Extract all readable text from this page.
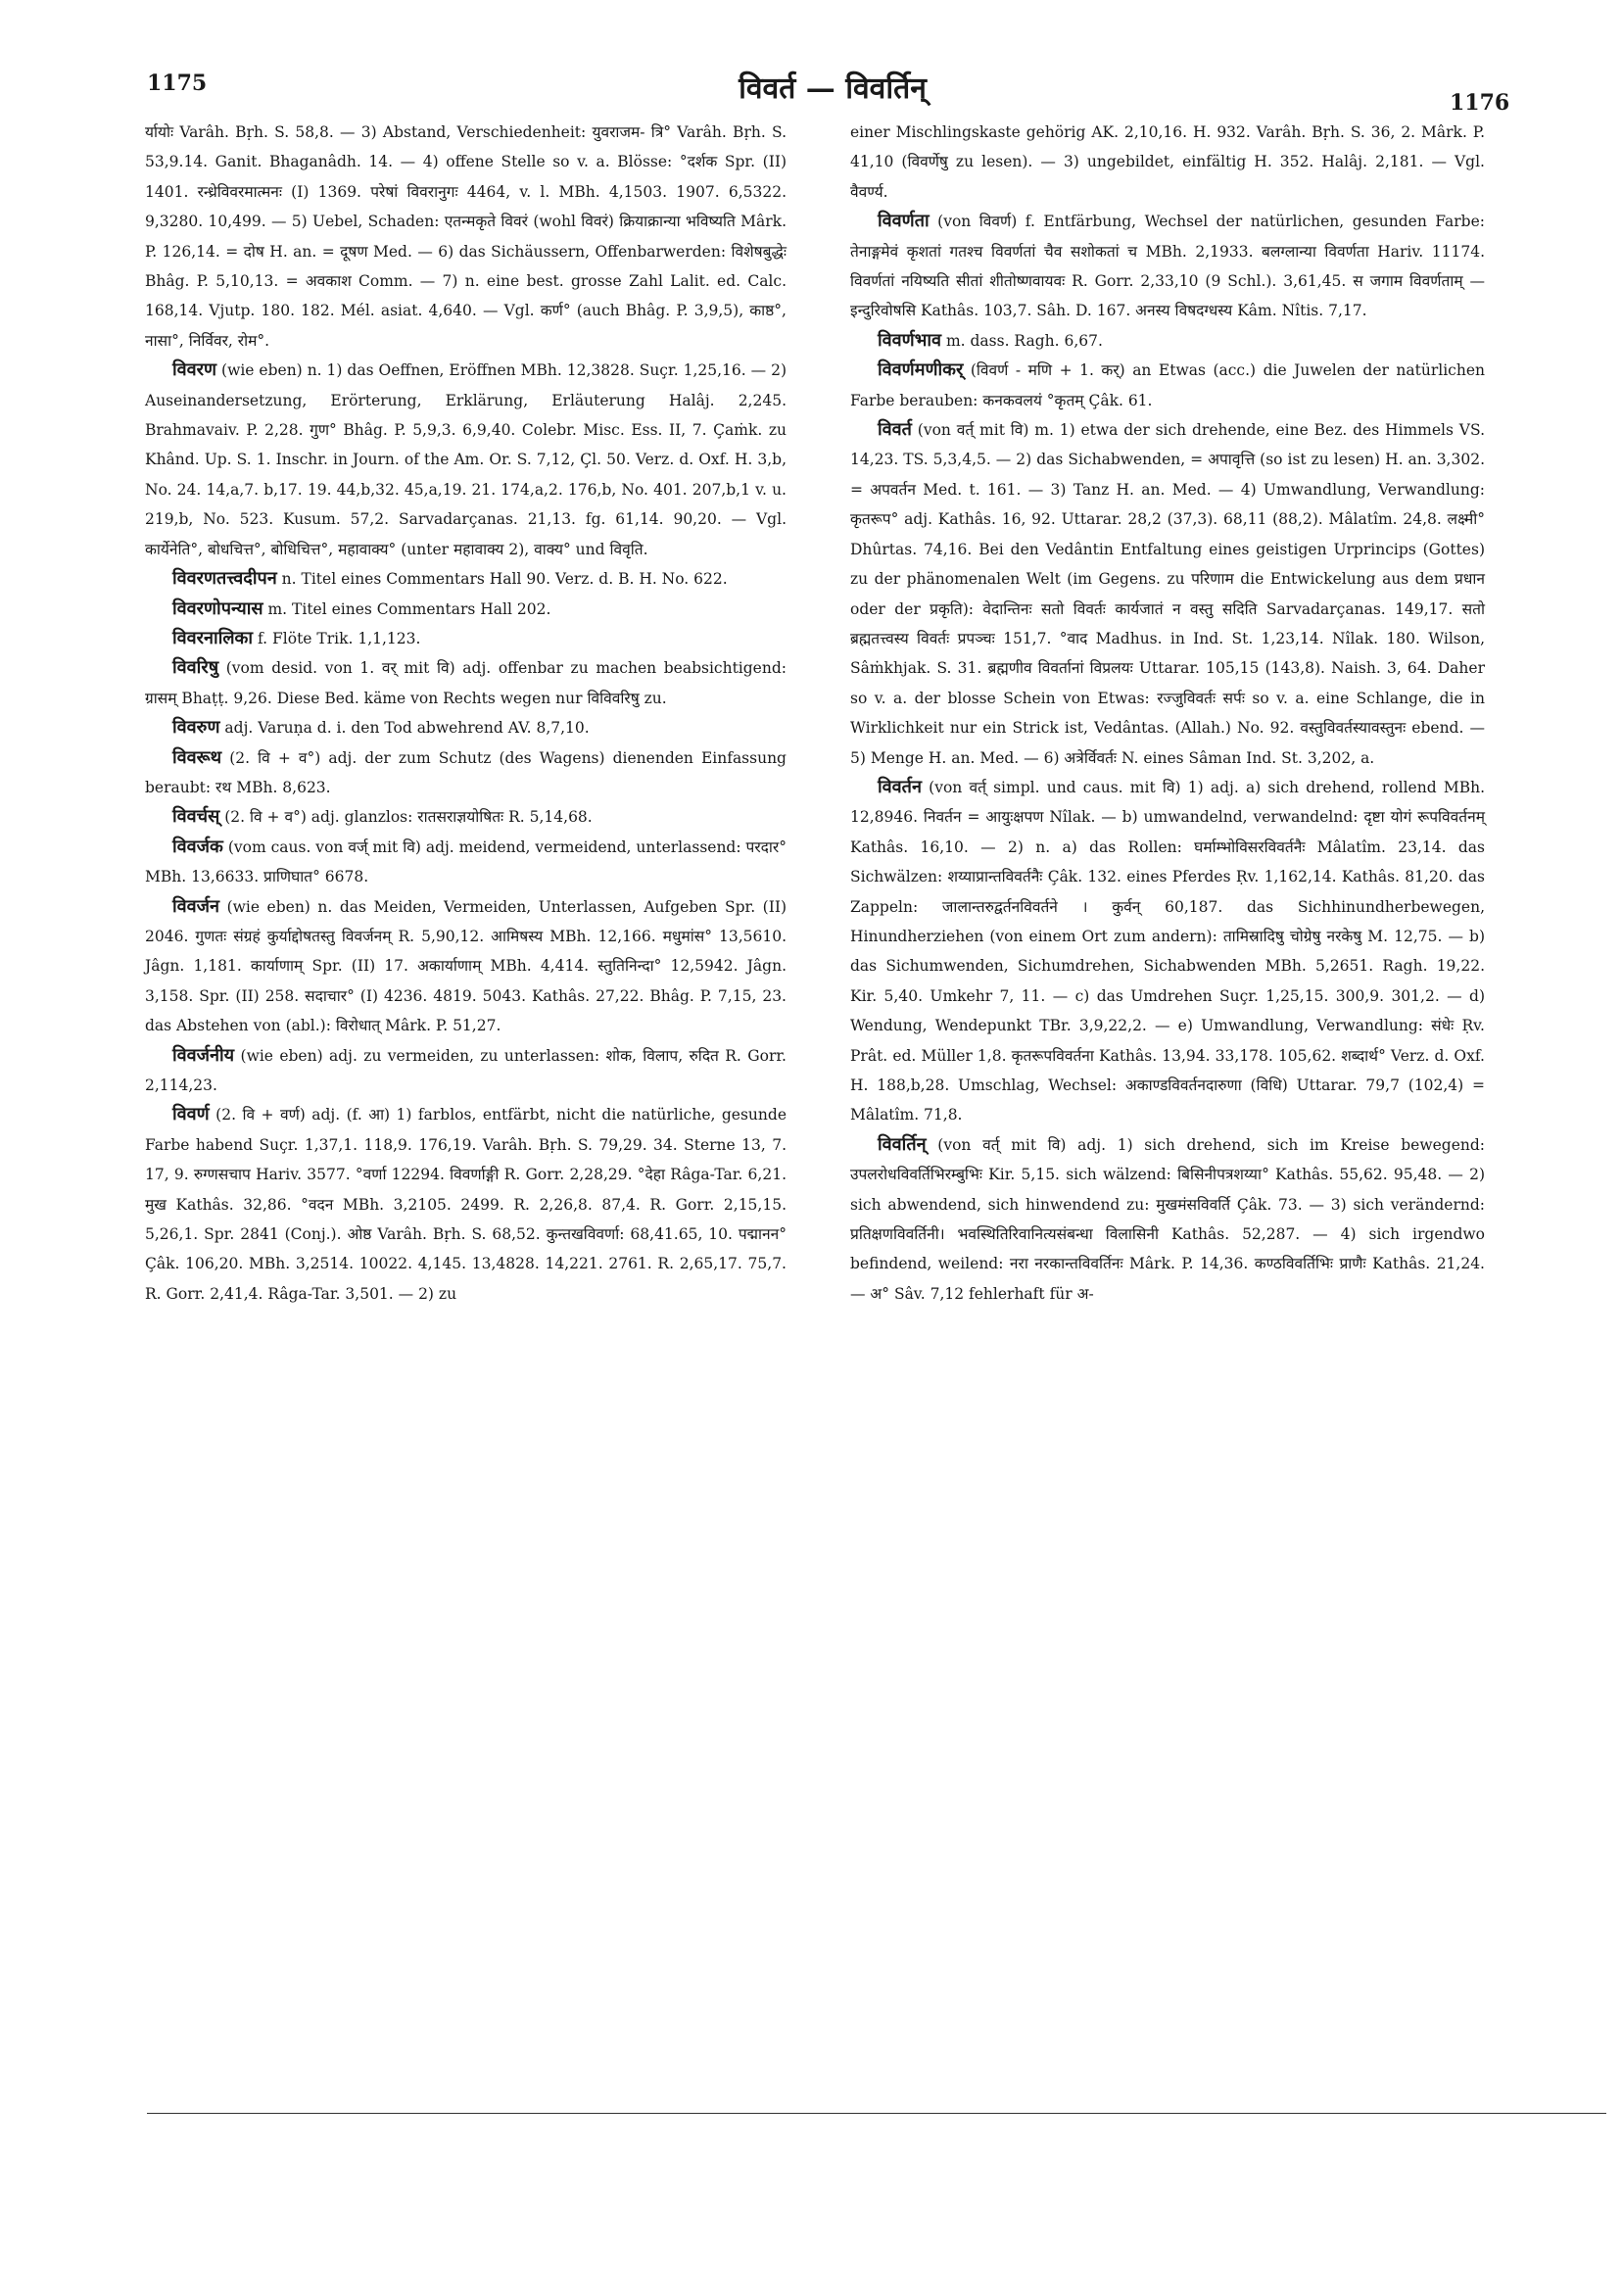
1175	विवर्त — विवर्तिन्	1176

र्यायोः Varâh. Bṛh. S. 58,8. — 3) Abstand, Verschiedenheit: युवराजम- त्रि° Varâh. Bṛh. S. 53,9.14. Ganit. Bhaganâdh. 14. — 4) offene Stelle so v. a. Blösse: °दर्शक Spr. (II) 1401. रन्ध्रेविवरमात्मनः (I) 1369. परेषां विवरानुगः 4464, v. l. MBh. 4,1503. 1907. 6,5322. 9,3280. 10,499. — 5) Uebel, Schaden: एतन्मकृते विवरं (wohl विवरं) क्रियाक्रान्या भविष्यति Mârk. P. 126,14. = दोष H. an. = दूषण Med. — 6) das Sichäussern, Offenbarwerden: विशेषबुद्धेः Bhâg. P. 5,10,13. = अवकाश Comm. — 7) n. eine best. grosse Zahl Lalit. ed. Calc. 168,14. Vjutp. 180. 182. Mél. asiat. 4,640. — Vgl. कर्ण° (auch Bhâg. P. 3,9,5), काष्ठ°, नासा°, निर्विवर, रोम°.

विवरण (wie eben) n. 1) das Oeffnen, Eröffnen MBh. 12,3828. Suçr. 1,25,16. — 2) Auseinandersetzung, Erörterung, Erklärung, Erläuterung Halâj. 2,245. Brahmavaiv. P. 2,28. गुण° Bhâg. P. 5,9,3. 6,9,40. Colebr. Misc. Ess. II, 7. Çaṁk. zu Khând. Up. S. 1. Inschr. in Journ. of the Am. Or. S. 7,12, Çl. 50. Verz. d. Oxf. H. 3,b, No. 24. 14,a,7. b,17. 19. 44,b,32. 45,a,19. 21. 174,a,2. 176,b, No. 401. 207,b,1 v. u. 219,b, No. 523. Kusum. 57,2. Sarvadarçanas. 21,13. fg. 61,14. 90,20. — Vgl. कार्येनेति°, बोधचित्त°, बोधिचित्त°, महावाक्य° (unter महावाक्य 2), वाक्य° und विवृति.

विवरणतत्त्वदीपन n. Titel eines Commentars Hall 90. Verz. d. B. H. No. 622.

विवरणोपन्यास m. Titel eines Commentars Hall 202.

विवरनालिका f. Flöte Trik. 1,1,123.

विवरिषु (vom desid. von 1. वर् mit वि) adj. offenbar zu machen beabsichtigend: ग्रासम् Bhaṭṭ. 9,26. Diese Bed. käme von Rechts wegen nur विविवरिषु zu.

विवरुण adj. Varuṇa d. i. den Tod abwehrend AV. 8,7,10.

विवरूथ (2. वि + व°) adj. der zum Schutz (des Wagens) dienenden Einfassung beraubt: रथ MBh. 8,623.

विवर्चस् (2. वि + व°) adj. glanzlos: रातसराज्ञयोषितः R. 5,14,68.

विवर्जक (vom caus. von वर्ज् mit वि) adj. meidend, vermeidend, unterlassend: परदार° MBh. 13,6633. प्राणिघात° 6678.

विवर्जन (wie eben) n. das Meiden, Vermeiden, Unterlassen, Aufgeben Spr. (II) 2046. गुणतः संग्रहं कुर्याद्दोषतस्तु विवर्जनम् R. 5,90,12. आमिषस्य MBh. 12,166. मधुमांस° 13,5610. Jâgn. 1,181. कार्याणाम् Spr. (II) 17. अकार्याणाम् MBh. 4,414. स्तुतिनिन्दा° 12,5942. Jâgn. 3,158. Spr. (II) 258. सदाचार° (I) 4236. 4819. 5043. Kathâs. 27,22. Bhâg. P. 7,15, 23. das Abstehen von (abl.): विरोधात् Mârk. P. 51,27.

विवर्जनीय (wie eben) adj. zu vermeiden, zu unterlassen: शोक, विलाप, रुदित R. Gorr. 2,114,23.

विवर्ण (2. वि + वर्ण) adj. (f. आ) 1) farblos, entfärbt, nicht die natürliche, gesunde Farbe habend Suçr. 1,37,1. 118,9. 176,19. Varâh. Bṛh. S. 79,29. 34. Sterne 13, 7. 17, 9. रुग्णसचाप Hariv. 3577. °वर्णा 12294. विवर्णाङ्गी R. Gorr. 2,28,29. °देहा Râga-Tar. 6,21. मुख Kathâs. 32,86. °वदन MBh. 3,2105. 2499. R. 2,26,8. 87,4. R. Gorr. 2,15,15. 5,26,1. Spr. 2841 (Conj.). ओष्ठ Varâh. Bṛh. S. 68,52. कुन्तखविवर्णा: 68,41.65, 10. पद्मानन° Çâk. 106,20. MBh. 3,2514. 10022. 4,145. 13,4828. 14,221. 2761. R. 2,65,17. 75,7. R. Gorr. 2,41,4. Râga-Tar. 3,501. — 2) zu

einer Mischlingskaste gehörig AK. 2,10,16. H. 932. Varâh. Bṛh. S. 36, 2. Mârk. P. 41,10 (विवर्णेषु zu lesen). — 3) ungebildet, einfältig H. 352. Halâj. 2,181. — Vgl. वैवर्ण्य.

विवर्णता (von विवर्ण) f. Entfärbung, Wechsel der natürlichen, gesunden Farbe: तेनाङ्गमेवं कृशतां गतश्च विवर्णतां चैव सशोकतां च MBh. 2,1933. बलग्लान्या विवर्णता Hariv. 11174. विवर्णतां नयिष्यति सीतां शीतोष्णवायवः R. Gorr. 2,33,10 (9 Schl.). 3,61,45. स जगाम विवर्णताम् — इन्दुरिवोषसि Kathâs. 103,7. Sâh. D. 167. अनस्य विषदग्धस्य Kâm. Nîtis. 7,17.

विवर्णभाव m. dass. Ragh. 6,67.

विवर्णमणीकर् (विवर्ण - मणि + 1. कर्) an Etwas (acc.) die Juwelen der natürlichen Farbe berauben: कनकवलयं °कृतम् Çâk. 61.

विवर्त (von वर्त् mit वि) m. 1) etwa der sich drehende, eine Bez. des Himmels VS. 14,23. TS. 5,3,4,5. — 2) das Sichabwenden, = अपावृत्ति (so ist zu lesen) H. an. 3,302. = अपवर्तन Med. t. 161. — 3) Tanz H. an. Med. — 4) Umwandlung, Verwandlung: कृतरूप° adj. Kathâs. 16, 92. Uttarar. 28,2 (37,3). 68,11 (88,2). Mâlatîm. 24,8. लक्ष्मी° Dhûrtas. 74,16. Bei den Vedântin Entfaltung eines geistigen Urprincips (Gottes) zu der phänomenalen Welt (im Gegens. zu परिणाम die Entwickelung aus dem प्रधान oder der प्रकृति): वेदान्तिनः सतो विवर्तः कार्यजातं न वस्तु सदिति Sarvadarçanas. 149,17. सतो ब्रह्मतत्त्वस्य विवर्तः प्रपञ्चः 151,7. °वाद Madhus. in Ind. St. 1,23,14. Nîlak. 180. Wilson, Sâṁkhjak. S. 31. ब्रह्मणीव विवर्तानां विप्रलयः Uttarar. 105,15 (143,8). Naish. 3, 64. Daher so v. a. der blosse Schein von Etwas: रज्जुविवर्तः सर्पः so v. a. eine Schlange, die in Wirklichkeit nur ein Strick ist, Vedântas. (Allah.) No. 92. वस्तुविवर्तस्यावस्तुनः ebend. — 5) Menge H. an. Med. — 6) अत्रेर्विवर्तः N. eines Sâman Ind. St. 3,202, a.

विवर्तन (von वर्त् simpl. und caus. mit वि) 1) adj. a) sich drehend, rollend MBh. 12,8946. निवर्तन = आयुःक्षपण Nîlak. — b) umwandelnd, verwandelnd: दृष्टा योगं रूपविवर्तनम् Kathâs. 16,10. — 2) n. a) das Rollen: घर्माम्भोविसरविवर्तनैः Mâlatîm. 23,14. das Sichwälzen: शय्याप्रान्तविवर्तनैः Çâk. 132. eines Pferdes Ṛv. 1,162,14. Kathâs. 81,20. das Zappeln: जालान्तरुद्वर्तनविवर्तने । कुर्वन् 60,187. das Sichhinundherbewegen, Hinundherziehen (von einem Ort zum andern): तामिस्रादिषु चोग्रेषु नरकेषु M. 12,75. — b) das Sichumwenden, Sichumdrehen, Sichabwenden MBh. 5,2651. Ragh. 19,22. Kir. 5,40. Umkehr 7, 11. — c) das Umdrehen Suçr. 1,25,15. 300,9. 301,2. — d) Wendung, Wendepunkt TBr. 3,9,22,2. — e) Umwandlung, Verwandlung: संधेः Ṛv. Prât. ed. Müller 1,8. कृतरूपविवर्तना Kathâs. 13,94. 33,178. 105,62. शब्दार्थ° Verz. d. Oxf. H. 188,b,28. Umschlag, Wechsel: अकाण्डविवर्तनदारुणा (विधि) Uttarar. 79,7 (102,4) = Mâlatîm. 71,8.

विवर्तिन् (von वर्त् mit वि) adj. 1) sich drehend, sich im Kreise bewegend: उपलरोधविवर्तिभिरम्बुभिः Kir. 5,15. sich wälzend: बिसिनीपत्रशय्या° Kathâs. 55,62. 95,48. — 2) sich abwendend, sich hinwendend zu: मुखमंसविवर्ति Çâk. 73. — 3) sich verändernd: प्रतिक्षणविवर्तिनी। भवस्थितिरिवानित्यसंबन्धा विलासिनी Kathâs. 52,287. — 4) sich irgendwo befindend, weilend: नरा नरकान्तविवर्तिनः Mârk. P. 14,36. कण्ठविवर्तिभिः प्राणैः Kathâs. 21,24. — अ° Sâv. 7,12 fehlerhaft für अ-
